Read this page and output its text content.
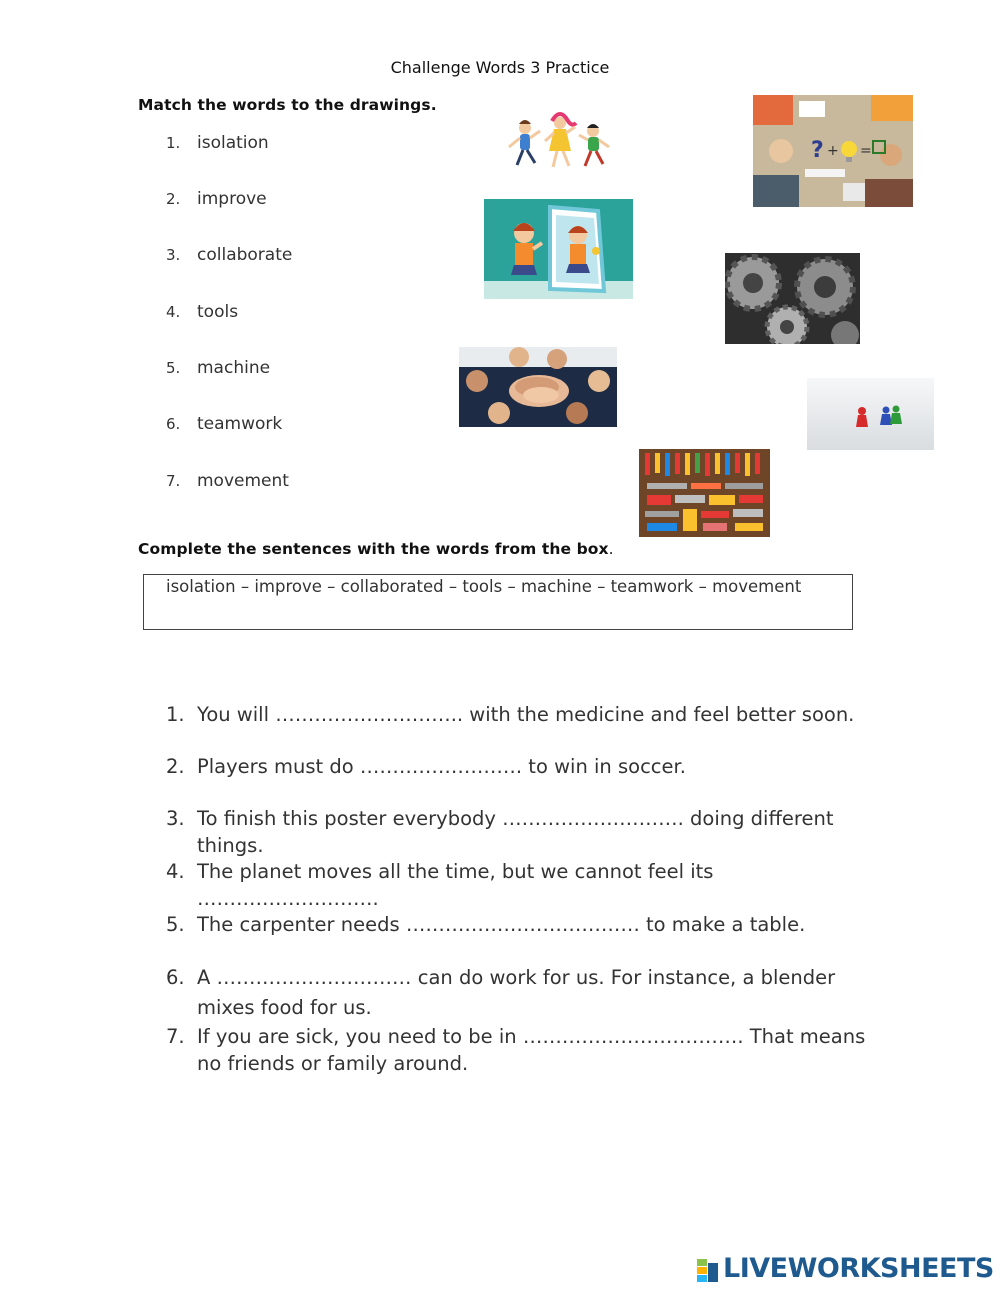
Challenge Words 3 Practice
Match the words to the drawings.
1. isolation
2. improve
3. collaborate
4. tools
5. machine
6. teamwork
7. movement
? + =
Complete the sentences with the words from the box.
isolation – improve – collaborated – tools – machine – teamwork – movement
1. You will ……………………….. with the medicine and feel better soon.
2. Players must do ……………………. to win in soccer.
3. To finish this poster everybody ………………………. doing different things.
4. The planet moves all the time, but we cannot feel its ……………………….
5. The carpenter needs ……………………………… to make a table.
6. A ………………………… can do work for us. For instance, a blender mixes food for us.
7. If you are sick, you need to be in ……………………………. That means no friends or family around.
LIVEWORKSHEETS
